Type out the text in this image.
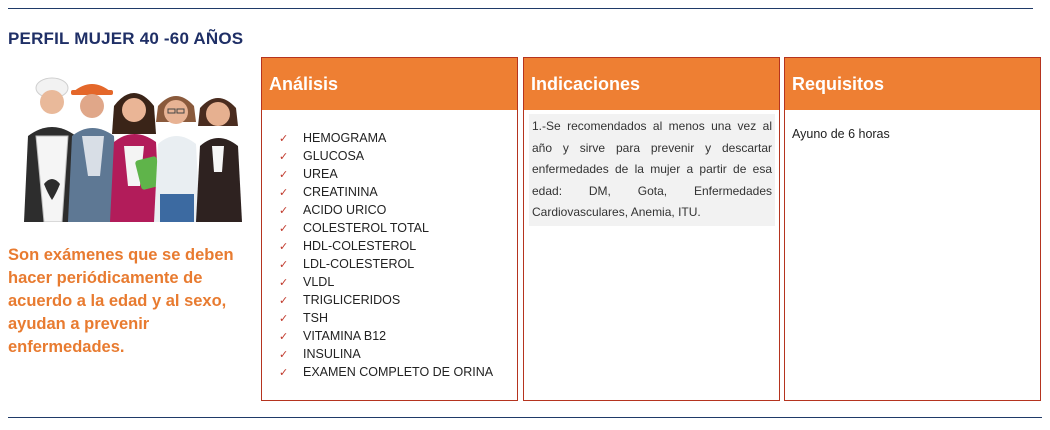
PERFIL MUJER 40 -60 AÑOS

Son exámenes que se deben hacer periódicamente de acuerdo a la edad y al sexo, ayudan a prevenir enfermedades.

Análisis
✓	HEMOGRAMA
✓	GLUCOSA
✓	UREA
✓	CREATININA
✓	ACIDO URICO
✓	COLESTEROL TOTAL
✓	HDL-COLESTEROL
✓	LDL-COLESTEROL
✓	VLDL
✓	TRIGLICERIDOS
✓	TSH
✓	VITAMINA B12
✓	INSULINA
✓	EXAMEN COMPLETO DE ORINA
Indicaciones
1.-Se recomendados al menos una vez al año y sirve para prevenir y descartar enfermedades de la mujer a partir de esa edad: DM, Gota, Enfermedades Cardiovasculares, Anemia, ITU.
Requisitos
Ayuno de 6 horas
